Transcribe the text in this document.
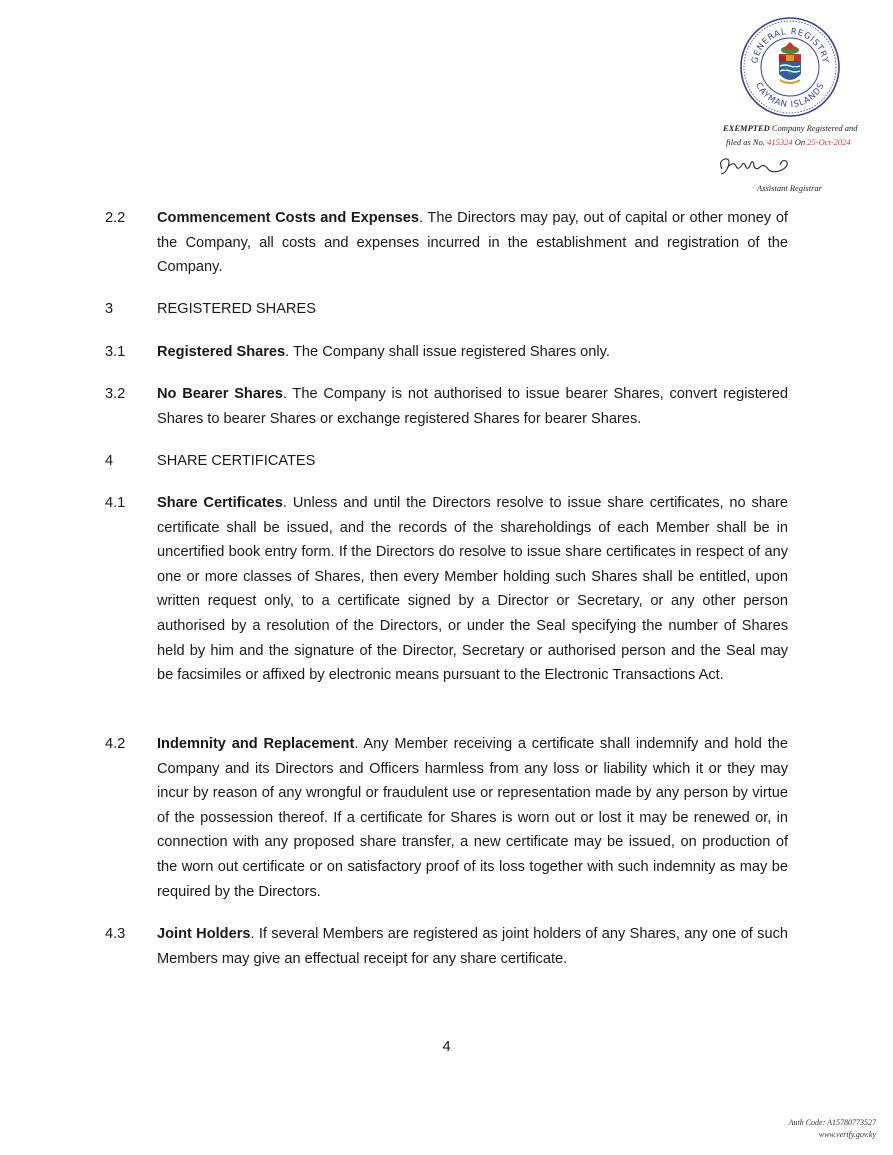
GENERAL REGISTRY
CAYMAN ISLANDS
EXEMPTED Company Registered and
filed as No. 415324 On 25-Oct-2024
Assistant Registrar
2.2 Commencement Costs and Expenses. The Directors may pay, out of capital or other money of the Company, all costs and expenses incurred in the establishment and registration of the Company.
3	REGISTERED SHARES
3.1 Registered Shares. The Company shall issue registered Shares only.
3.2 No Bearer Shares. The Company is not authorised to issue bearer Shares, convert registered Shares to bearer Shares or exchange registered Shares for bearer Shares.
4	SHARE CERTIFICATES
4.1 Share Certificates. Unless and until the Directors resolve to issue share certificates, no share certificate shall be issued, and the records of the shareholdings of each Member shall be in uncertified book entry form. If the Directors do resolve to issue share certificates in respect of any one or more classes of Shares, then every Member holding such Shares shall be entitled, upon written request only, to a certificate signed by a Director or Secretary, or any other person authorised by a resolution of the Directors, or under the Seal specifying the number of Shares held by him and the signature of the Director, Secretary or authorised person and the Seal may be facsimiles or affixed by electronic means pursuant to the Electronic Transactions Act.
4.2 Indemnity and Replacement. Any Member receiving a certificate shall indemnify and hold the Company and its Directors and Officers harmless from any loss or liability which it or they may incur by reason of any wrongful or fraudulent use or representation made by any person by virtue of the possession thereof. If a certificate for Shares is worn out or lost it may be renewed or, in connection with any proposed share transfer, a new certificate may be issued, on production of the worn out certificate or on satisfactory proof of its loss together with such indemnity as may be required by the Directors.
4.3 Joint Holders. If several Members are registered as joint holders of any Shares, any one of such Members may give an effectual receipt for any share certificate.
4
Auth Code: A15780773527
www.verify.gov.ky
